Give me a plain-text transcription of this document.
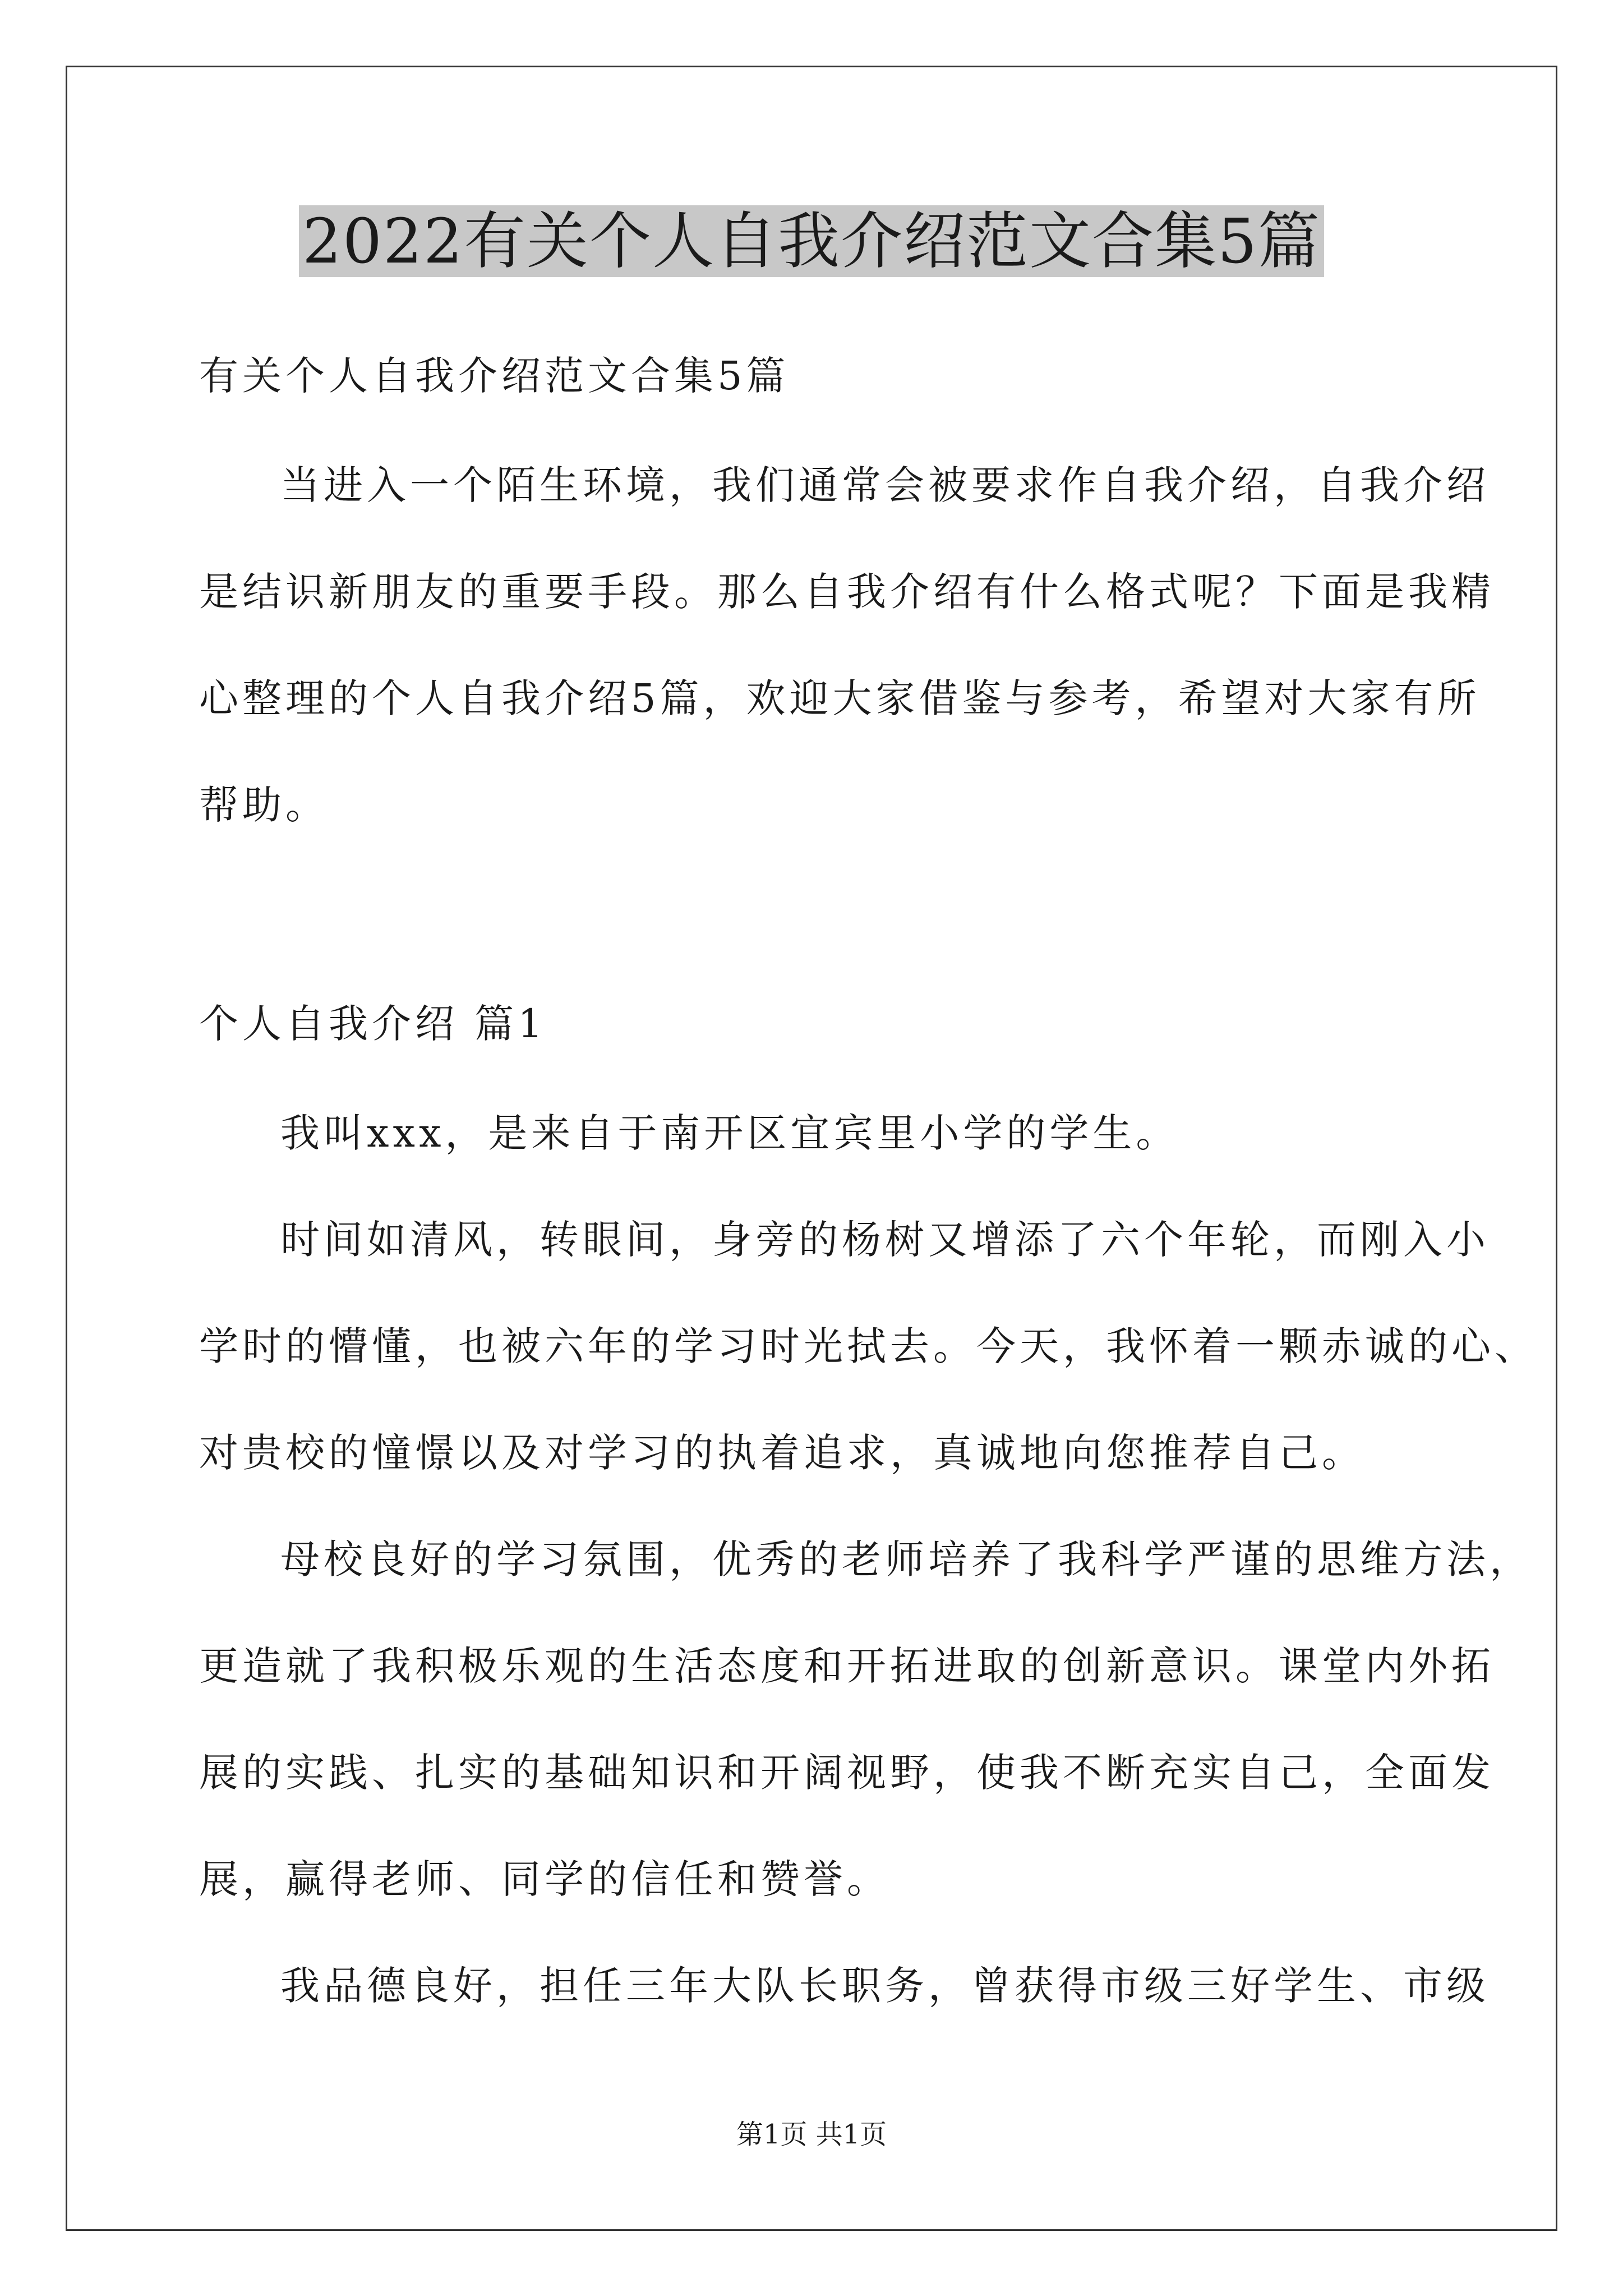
2022有关个人自我介绍范文合集5篇
有关个人自我介绍范文合集5篇
当进入一个陌生环境，我们通常会被要求作自我介绍，自我介绍
是结识新朋友的重要手段。那么自我介绍有什么格式呢？下面是我精
心整理的个人自我介绍5篇，欢迎大家借鉴与参考，希望对大家有所
帮助。
个人自我介绍 篇1
我叫xxx，是来自于南开区宜宾里小学的学生。
时间如清风，转眼间，身旁的杨树又增添了六个年轮，而刚入小
学时的懵懂，也被六年的学习时光拭去。今天，我怀着一颗赤诚的心、
对贵校的憧憬以及对学习的执着追求，真诚地向您推荐自己。
母校良好的学习氛围，优秀的老师培养了我科学严谨的思维方法，
更造就了我积极乐观的生活态度和开拓进取的创新意识。课堂内外拓
展的实践、扎实的基础知识和开阔视野，使我不断充实自己，全面发
展，赢得老师、同学的信任和赞誉。
我品德良好，担任三年大队长职务，曾获得市级三好学生、市级
第1页 共1页
